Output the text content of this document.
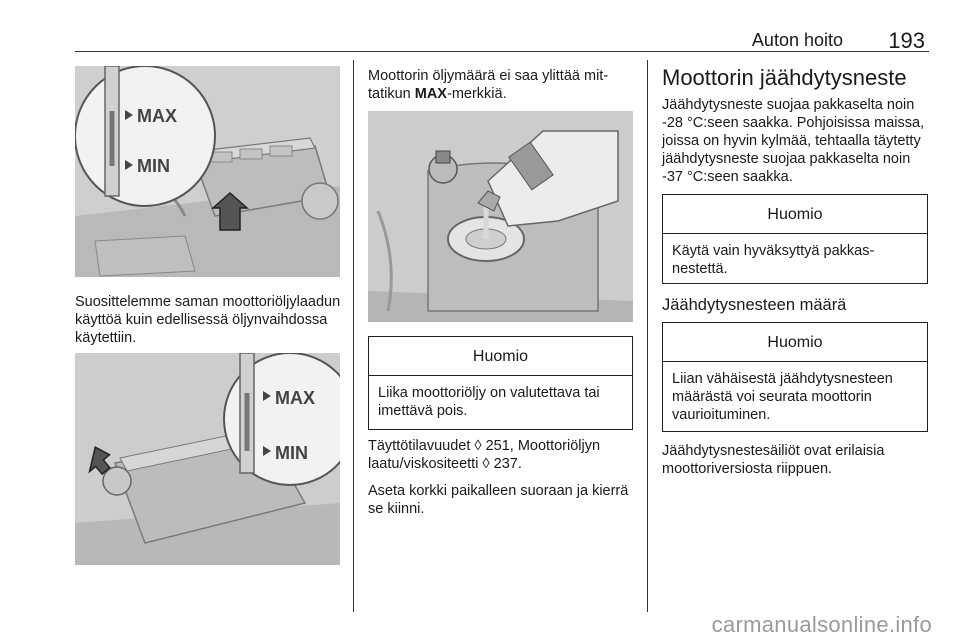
Auton hoito 193
MAX
MIN

Suosittelemme saman moottoriöljylaadun käyttöä kuin edellisessä öljynvaihdossa käytettiin.

MAX
MIN

Moottorin öljymäärä ei saa ylittää mittatikun MAX-merkkiä.

Huomio
Liika moottoriöljy on valutettava tai imettävä pois.

Täyttötilavuudet ◊ 251, Moottoriöljyn laatu/viskositeetti ◊ 237.

Aseta korkki paikalleen suoraan ja kierrä se kiinni.

Moottorin jäähdytysneste

Jäähdytysneste suojaa pakkaselta noin -28 °C:seen saakka. Pohjoisissa maissa, joissa on hyvin kylmää, tehtaalla täytetty jäähdytysneste suojaa pakkaselta noin -37 °C:seen saakka.

Huomio
Käytä vain hyväksyttyä pakkasnestettä.
Jäähdytysnesteen määrä
Huomio
Liian vähäisestä jäähdytysnesteen määrästä voi seurata moottorin vaurioituminen.

Jäähdytysnestesäiliöt ovat erilaisia moottoriversiosta riippuen.

carmanualsonline.info
